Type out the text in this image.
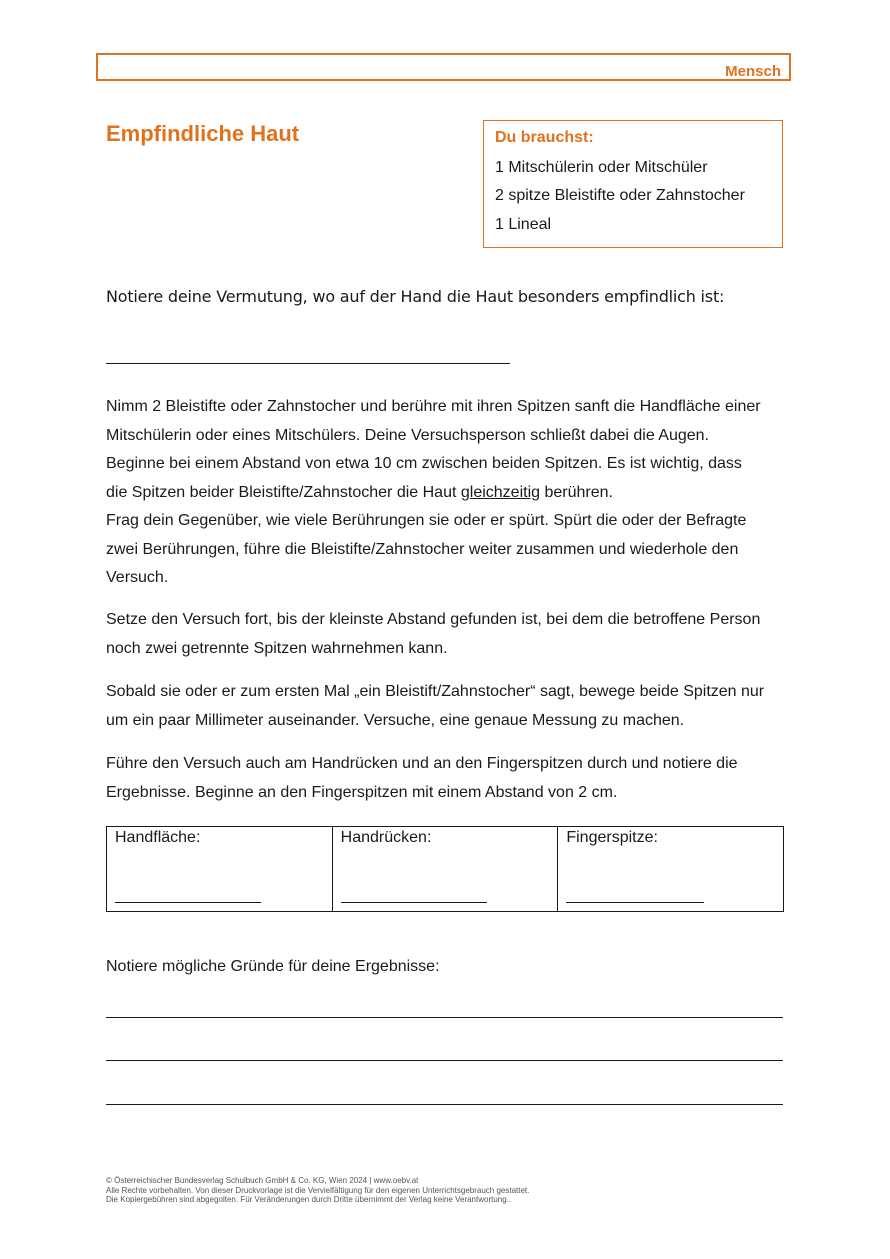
Mensch
Empfindliche Haut	Du brauchst:
1 Mitschülerin oder Mitschüler
2 spitze Bleistifte oder Zahnstocher
1 Lineal
Notiere deine Vermutung, wo auf der Hand die Haut besonders empfindlich ist:
Nimm 2 Bleistifte oder Zahnstocher und berühre mit ihren Spitzen sanft die Handfläche einer
Mitschülerin oder eines Mitschülers. Deine Versuchsperson schließt dabei die Augen.
Beginne bei einem Abstand von etwa 10 cm zwischen beiden Spitzen. Es ist wichtig, dass
die Spitzen beider Bleistifte/Zahnstocher die Haut gleichzeitig berühren.
Frag dein Gegenüber, wie viele Berührungen sie oder er spürt. Spürt die oder der Befragte
zwei Berührungen, führe die Bleistifte/Zahnstocher weiter zusammen und wiederhole den
Versuch.
Setze den Versuch fort, bis der kleinste Abstand gefunden ist, bei dem die betroffene Person
noch zwei getrennte Spitzen wahrnehmen kann.
Sobald sie oder er zum ersten Mal „ein Bleistift/Zahnstocher“ sagt, bewege beide Spitzen nur
um ein paar Millimeter auseinander. Versuche, eine genaue Messung zu machen.
Führe den Versuch auch am Handrücken und an den Fingerspitzen durch und notiere die
Ergebnisse. Beginne an den Fingerspitzen mit einem Abstand von 2 cm.
Handfläche:	Handrücken:	Fingerspitze:
Notiere mögliche Gründe für deine Ergebnisse:
© Österreichischer Bundesverlag Schulbuch GmbH & Co. KG, Wien 2024 | www.oebv.at
Alle Rechte vorbehalten. Von dieser Druckvorlage ist die Vervielfältigung für den eigenen Unterrichtsgebrauch gestattet.
Die Kopiergebühren sind abgegolten. Für Veränderungen durch Dritte übernimmt der Verlag keine Verantwortung..
